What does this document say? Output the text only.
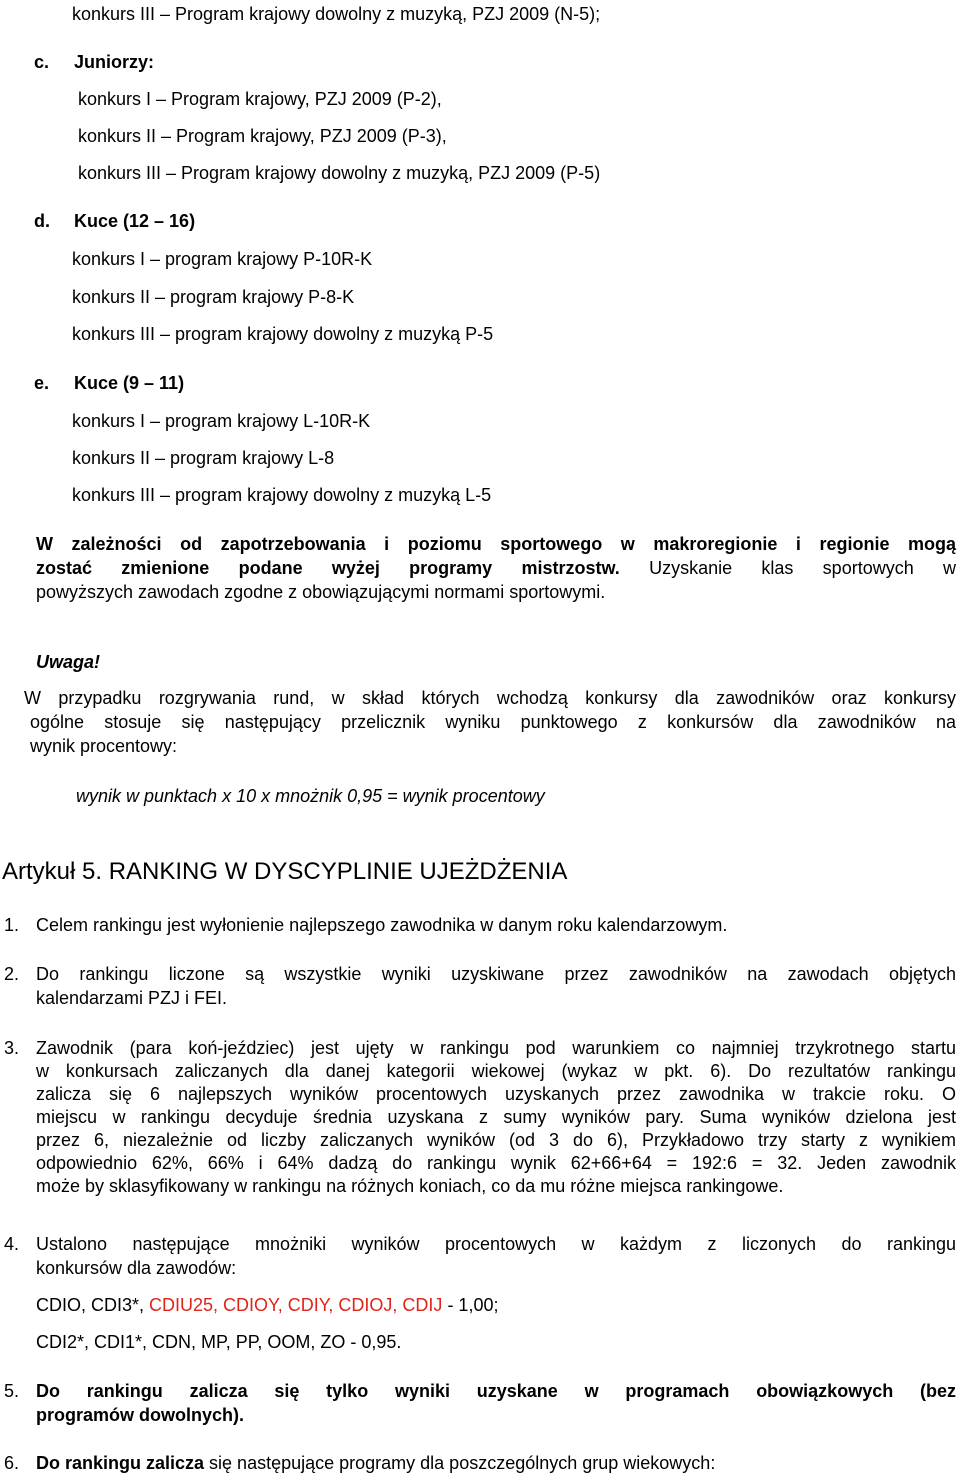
konkurs III – Program krajowy dowolny z muzyką, PZJ 2009 (N-5);
c. Juniorzy:
konkurs I – Program krajowy, PZJ 2009 (P-2),
konkurs II – Program krajowy, PZJ 2009 (P-3),
konkurs III – Program krajowy dowolny z muzyką, PZJ 2009 (P-5)
d. Kuce (12 – 16)
konkurs I – program krajowy P-10R-K
konkurs II – program krajowy P-8-K
konkurs III – program krajowy dowolny z muzyką P-5
e. Kuce (9 – 11)
konkurs I – program krajowy L-10R-K
konkurs II – program krajowy L-8
konkurs III – program krajowy dowolny z muzyką L-5
W zależności od zapotrzebowania i poziomu sportowego w makroregionie i regionie mogą
zostać zmienione podane wyżej programy mistrzostw. Uzyskanie klas sportowych w
powyższych zawodach zgodne z obowiązującymi normami sportowymi.
Uwaga!
W przypadku rozgrywania rund, w skład których wchodzą konkursy dla zawodników oraz konkursy
ogólne stosuje się następujący przelicznik wyniku punktowego z konkursów dla zawodników na
wynik procentowy:
wynik w punktach x 10 x mnożnik 0,95 = wynik procentowy
Artykuł 5. RANKING W DYSCYPLINIE UJEŻDŻENIA
1. Celem rankingu jest wyłonienie najlepszego zawodnika w danym roku kalendarzowym.
2. Do rankingu liczone są wszystkie wyniki uzyskiwane przez zawodników na zawodach objętych
kalendarzami PZJ i FEI.
3. Zawodnik (para koń-jeździec) jest ujęty w rankingu pod warunkiem co najmniej trzykrotnego startu
w konkursach zaliczanych dla danej kategorii wiekowej (wykaz w pkt. 6). Do rezultatów rankingu
zalicza się 6 najlepszych wyników procentowych uzyskanych przez zawodnika w trakcie roku. O
miejscu w rankingu decyduje średnia uzyskana z sumy wyników pary. Suma wyników dzielona jest
przez 6, niezależnie od liczby zaliczanych wyników (od 3 do 6), Przykładowo trzy starty z wynikiem
odpowiednio 62%, 66% i 64% dadzą do rankingu wynik 62+66+64 = 192:6 = 32. Jeden zawodnik
może by sklasyfikowany w rankingu na różnych koniach, co da mu różne miejsca rankingowe.
4. Ustalono następujące mnożniki wyników procentowych w każdym z liczonych do rankingu
konkursów dla zawodów:
CDIO, CDI3*, CDIU25, CDIOY, CDIY, CDIOJ, CDIJ - 1,00;
CDI2*, CDI1*, CDN, MP, PP, OOM, ZO - 0,95.
5. Do rankingu zalicza się tylko wyniki uzyskane w programach obowiązkowych (bez
programów dowolnych).
6. Do rankingu zalicza się następujące programy dla poszczególnych grup wiekowych:
